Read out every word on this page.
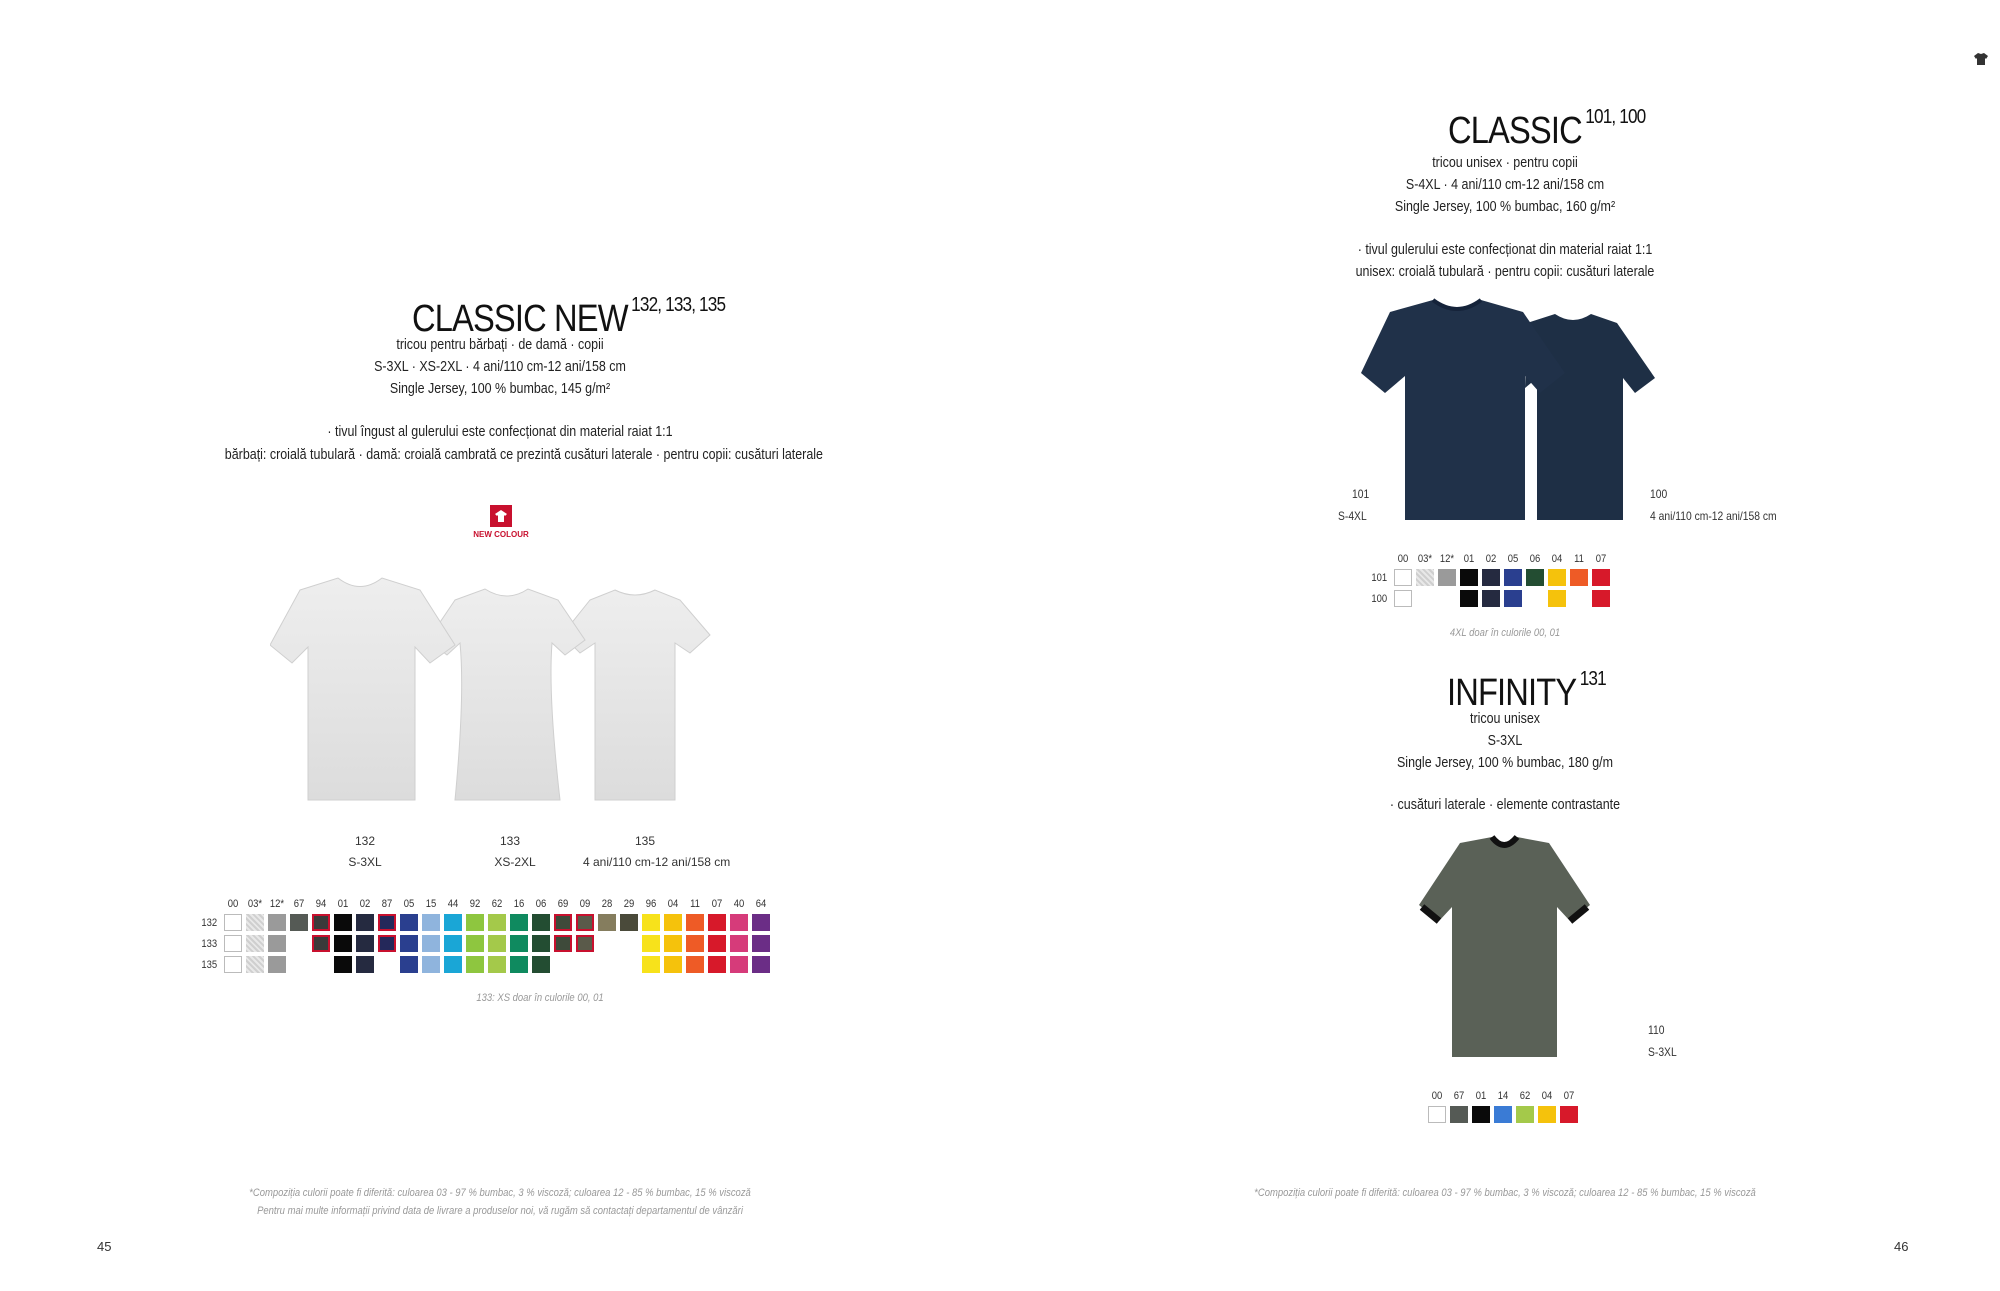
CLASSIC NEW $^{132, 133, 135}$
tricou pentru bărbați · de damă · copii
S-3XL · XS-2XL · 4 ani/110 cm-12 ani/158 cm
Single Jersey, 100 % bumbac, 145 g/m²
· tivul îngust al gulerului este confecționat din material raiat 1:1
bărbați: croială tubulară · damă: croială cambrată ce prezintă cusături laterale · pentru copii: cusături laterale
NEW COLOUR
132
S-3XL
133
XS-2XL
135
4 ani/110 cm-12 ani/158 cm
00 03* 12* 67 94 01 02 87 05 15 44 92 62 16 06 69 09 28 29 96 04 11 07 40 64
132
133
135
133: XS doar în culorile 00, 01
*Compoziția culorii poate fi diferită: culoarea 03 - 97 % bumbac, 3 % viscoză; culoarea 12 - 85 % bumbac, 15 % viscoză
Pentru mai multe informații privind data de livrare a produselor noi, vă rugăm să contactați departamentul de vânzări
45
CLASSIC $^{101, 100}$
tricou unisex · pentru copii
S-4XL · 4 ani/110 cm-12 ani/158 cm
Single Jersey, 100 % bumbac, 160 g/m²
· tivul gulerului este confecționat din material raiat 1:1
unisex: croială tubulară · pentru copii: cusături laterale
101
S-4XL
100
4 ani/110 cm-12 ani/158 cm
00 03* 12* 01 02 05 06 04 11 07
101
100
4XL doar în culorile 00, 01
INFINITY $^{131}$
tricou unisex
S-3XL
Single Jersey, 100 % bumbac, 180 g/m
· cusături laterale · elemente contrastante
110
S-3XL
00 67 01 14 62 04 07
*Compoziția culorii poate fi diferită: culoarea 03 - 97 % bumbac, 3 % viscoză; culoarea 12 - 85 % bumbac, 15 % viscoză
46
